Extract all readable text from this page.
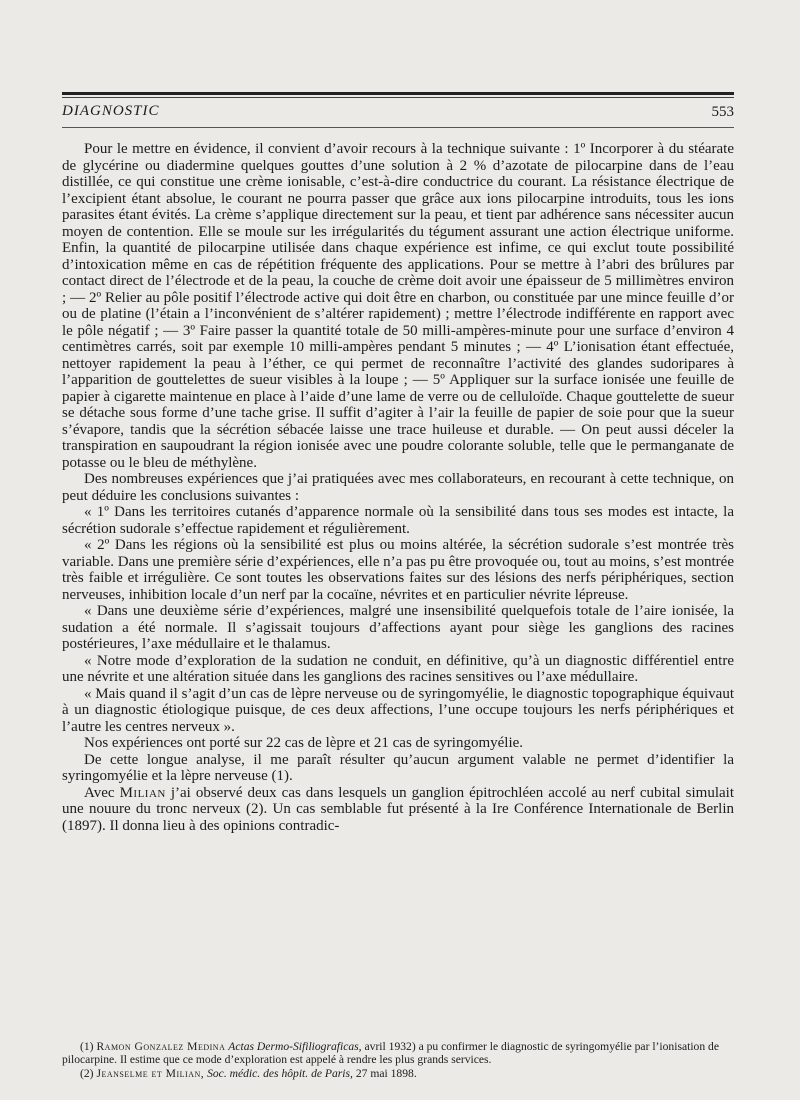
DIAGNOSTIC	553

Pour le mettre en évidence, il convient d’avoir recours à la technique suivante : 1º Incorporer à du stéarate de glycérine ou diadermine quelques gouttes d’une solution à 2 % d’azotate de pilocarpine dans de l’eau distillée, ce qui constitue une crème ionisable, c’est-à-dire conductrice du courant. La résistance électrique de l’excipient étant absolue, le courant ne pourra passer que grâce aux ions pilocarpine introduits, tous les ions parasites étant évités. La crème s’applique directement sur la peau, et tient par adhérence sans nécessiter aucun moyen de contention. Elle se moule sur les irrégularités du tégument assurant une action électrique uniforme. Enfin, la quantité de pilocarpine utilisée dans chaque expérience est infime, ce qui exclut toute possibilité d’intoxication même en cas de répétition fréquente des applications. Pour se mettre à l’abri des brûlures par contact direct de l’électrode et de la peau, la couche de crème doit avoir une épaisseur de 5 millimètres environ ; — 2º Relier au pôle positif l’électrode active qui doit être en charbon, ou constituée par une mince feuille d’or ou de platine (l’étain a l’inconvénient de s’altérer rapidement) ; mettre l’électrode indifférente en rapport avec le pôle négatif ; — 3º Faire passer la quantité totale de 50 milli-ampères-minute pour une surface d’environ 4 centimètres carrés, soit par exemple 10 milli-ampères pendant 5 minutes ; — 4º L’ionisation étant effectuée, nettoyer rapidement la peau à l’éther, ce qui permet de reconnaître l’activité des glandes sudoripares à l’apparition de gouttelettes de sueur visibles à la loupe ; — 5º Appliquer sur la surface ionisée une feuille de papier à cigarette maintenue en place à l’aide d’une lame de verre ou de celluloïde. Chaque gouttelette de sueur se détache sous forme d’une tache grise. Il suffit d’agiter à l’air la feuille de papier de soie pour que la sueur s’évapore, tandis que la sécrétion sébacée laisse une trace huileuse et durable. — On peut aussi déceler la transpiration en saupoudrant la région ionisée avec une poudre colorante soluble, telle que le permanganate de potasse ou le bleu de méthylène.

Des nombreuses expériences que j’ai pratiquées avec mes collaborateurs, en recourant à cette technique, on peut déduire les conclusions suivantes :

« 1º Dans les territoires cutanés d’apparence normale où la sensibilité dans tous ses modes est intacte, la sécrétion sudorale s’effectue rapidement et régulièrement.

« 2º Dans les régions où la sensibilité est plus ou moins altérée, la sécrétion sudorale s’est montrée très variable. Dans une première série d’expériences, elle n’a pas pu être provoquée ou, tout au moins, s’est montrée très faible et irrégulière. Ce sont toutes les observations faites sur des lésions des nerfs périphériques, section nerveuses, inhibition locale d’un nerf par la cocaïne, névrites et en particulier névrite lépreuse.

« Dans une deuxième série d’expériences, malgré une insensibilité quelquefois totale de l’aire ionisée, la sudation a été normale. Il s’agissait toujours d’affections ayant pour siège les ganglions des racines postérieures, l’axe médullaire et le thalamus.

« Notre mode d’exploration de la sudation ne conduit, en définitive, qu’à un diagnostic différentiel entre une névrite et une altération située dans les ganglions des racines sensitives ou l’axe médullaire.

« Mais quand il s’agit d’un cas de lèpre nerveuse ou de syringomyélie, le diagnostic topographique équivaut à un diagnostic étiologique puisque, de ces deux affections, l’une occupe toujours les nerfs périphériques et l’autre les centres nerveux ».

Nos expériences ont porté sur 22 cas de lèpre et 21 cas de syringomyélie.

De cette longue analyse, il me paraît résulter qu’aucun argument valable ne permet d’identifier la syringomyélie et la lèpre nerveuse (1).

Avec Milian j’ai observé deux cas dans lesquels un ganglion épitrochléen accolé au nerf cubital simulait une nouure du tronc nerveux (2). Un cas semblable fut présenté à la Ire Conférence Internationale de Berlin (1897). Il donna lieu à des opinions contradic-

(1) Ramon Gonzalez Medina Actas Dermo-Sifiliograficas, avril 1932) a pu confirmer le diagnostic de syringomyélie par l’ionisation de pilocarpine. Il estime que ce mode d’exploration est appelé à rendre les plus grands services.

(2) Jeanselme et Milian, Soc. médic. des hôpit. de Paris, 27 mai 1898.
